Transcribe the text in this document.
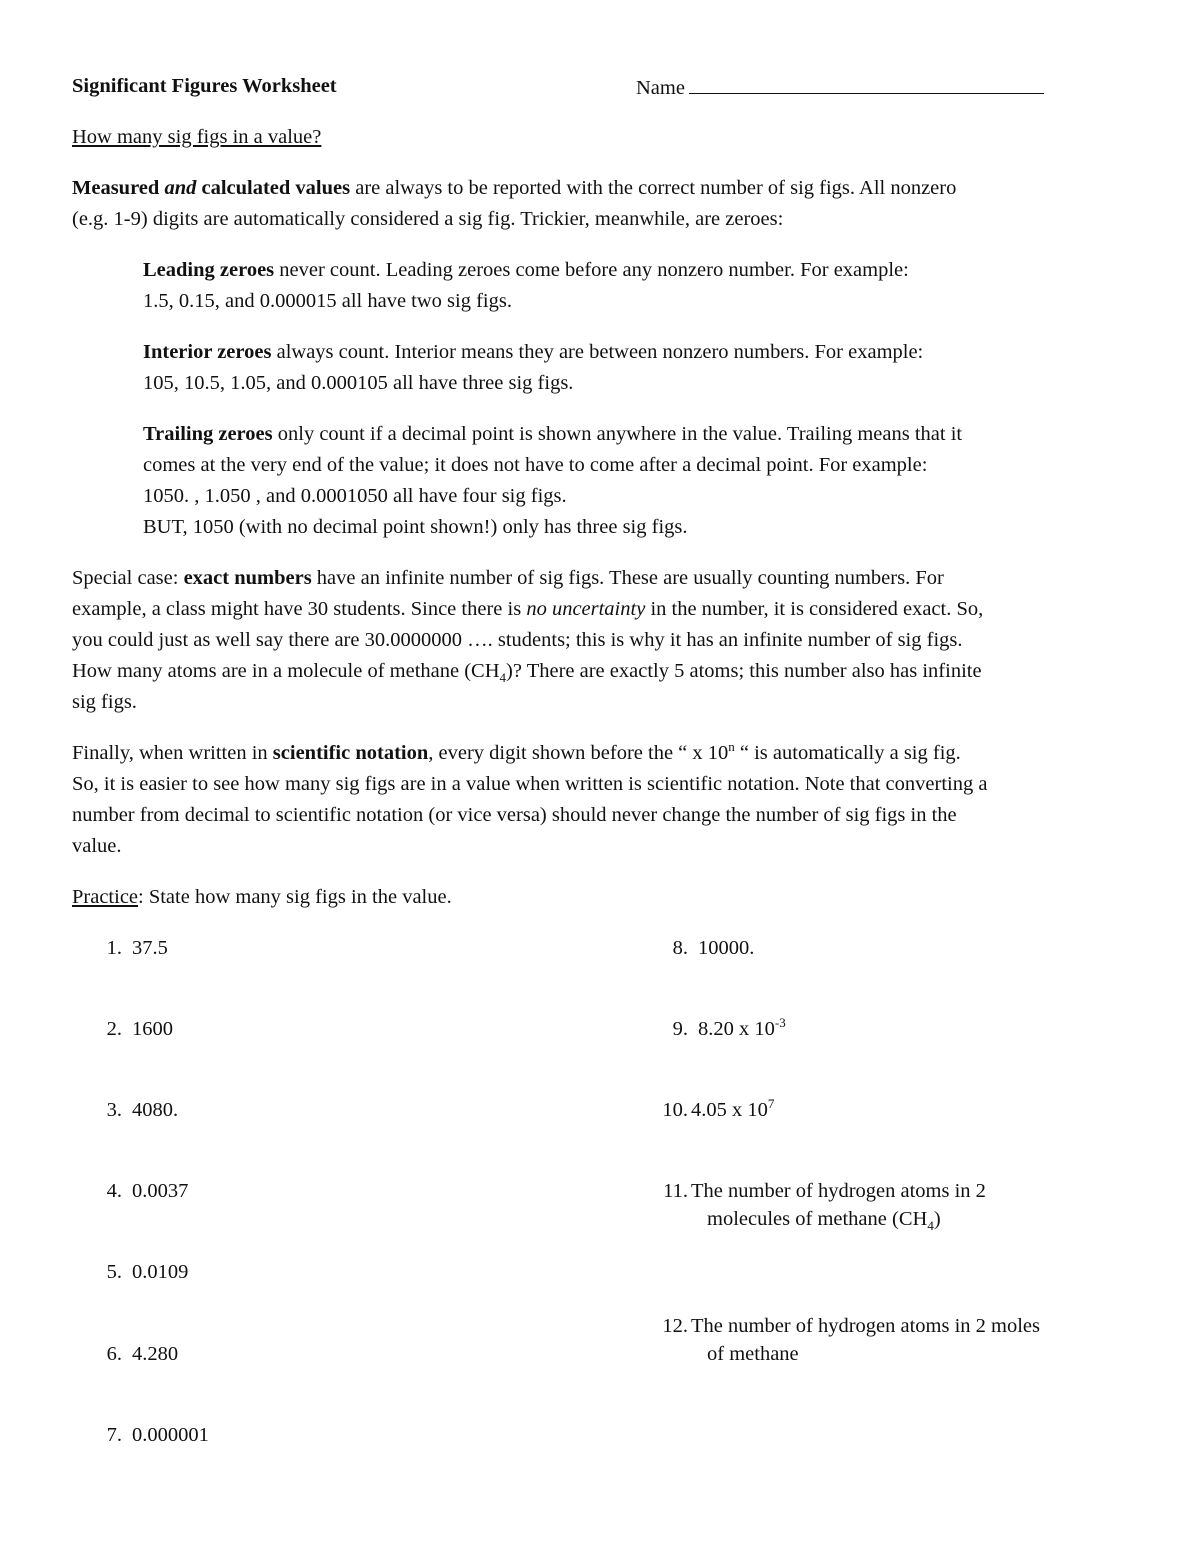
Significant Figures Worksheet	Name
How many sig figs in a value?
Measured and calculated values are always to be reported with the correct number of sig figs. All nonzero
(e.g. 1-9) digits are automatically considered a sig fig. Trickier, meanwhile, are zeroes:
Leading zeroes never count. Leading zeroes come before any nonzero number. For example:
1.5, 0.15, and 0.000015 all have two sig figs.
Interior zeroes always count. Interior means they are between nonzero numbers. For example:
105, 10.5, 1.05, and 0.000105 all have three sig figs.
Trailing zeroes only count if a decimal point is shown anywhere in the value. Trailing means that it
comes at the very end of the value; it does not have to come after a decimal point. For example:
1050. , 1.050 , and 0.0001050 all have four sig figs.
BUT, 1050 (with no decimal point shown!) only has three sig figs.
Special case: exact numbers have an infinite number of sig figs. These are usually counting numbers. For
example, a class might have 30 students. Since there is no uncertainty in the number, it is considered exact. So,
you could just as well say there are 30.0000000 …. students; this is why it has an infinite number of sig figs.
How many atoms are in a molecule of methane $(CH_4)$? There are exactly 5 atoms; this number also has infinite
sig figs.
Finally, when written in scientific notation, every digit shown before the “ x 10$^n$ “ is automatically a sig fig.
So, it is easier to see how many sig figs are in a value when written is scientific notation. Note that converting a
number from decimal to scientific notation (or vice versa) should never change the number of sig figs in the
value.
Practice: State how many sig figs in the value.
1. 37.5
2. 1600
3. 4080.
4. 0.0037
5. 0.0109
6. 4.280
7. 0.000001
8. 10000.
9. 8.20 x $10^{-3}$
10. 4.05 x $10^7$
11. The number of hydrogen atoms in 2
molecules of methane $(CH_4)$
12. The number of hydrogen atoms in 2 moles
of methane
